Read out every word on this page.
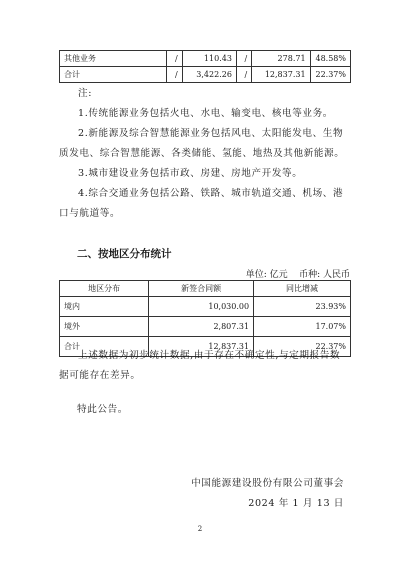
其他业务	/	110.43	/	278.71	48.58%
合计	/	3,422.26	/	12,837.31	22.37%
注:
1.传统能源业务包括火电、水电、输变电、核电等业务。
2.新能源及综合智慧能源业务包括风电、太阳能发电、生物质发电、综合智慧能源、各类储能、氢能、地热及其他新能源。
3.城市建设业务包括市政、房建、房地产开发等。
4.综合交通业务包括公路、铁路、城市轨道交通、机场、港口与航道等。
二、按地区分布统计
单位: 亿元    币种: 人民币
地区分布	新签合同额	同比增减
境内	10,030.00	23.93%
境外	2,807.31	17.07%
合计	12,837.31	22.37%
上述数据为初步统计数据,由于存在不确定性,与定期报告数据可能存在差异。
特此公告。
中国能源建设股份有限公司董事会
2024 年 1 月 13 日
2
